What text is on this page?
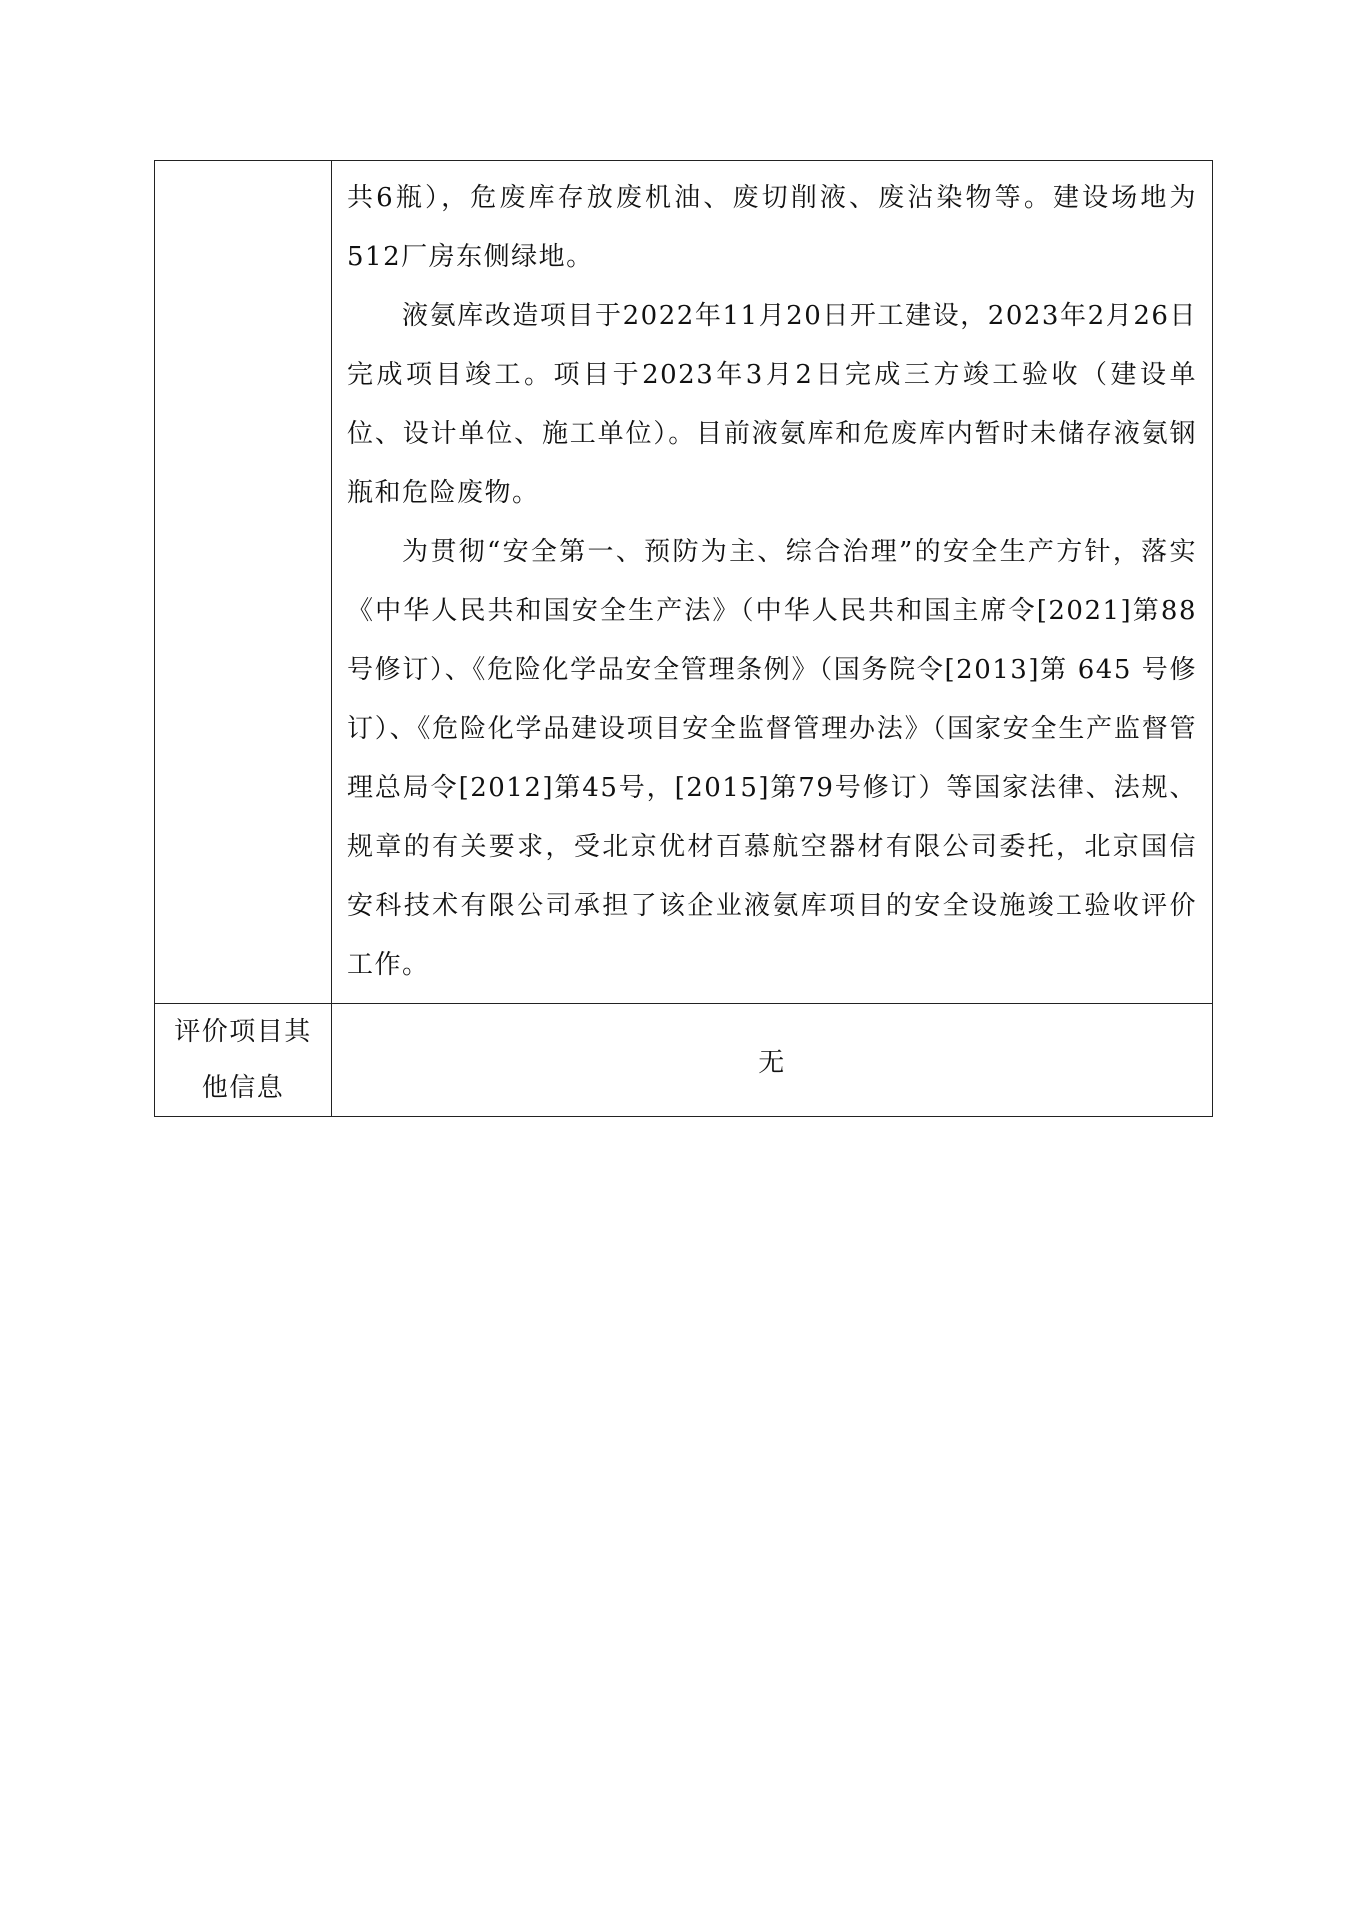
	共6瓶），危废库存放废机油、废切削液、废沾染物等。建设场地为512厂房东侧绿地。

液氨库改造项目于2022年11月20日开工建设，2023年2月26日完成项目竣工。项目于2023年3月2日完成三方竣工验收（建设单位、设计单位、施工单位）。目前液氨库和危废库内暂时未储存液氨钢瓶和危险废物。

为贯彻“安全第一、预防为主、综合治理”的安全生产方针，落实《中华人民共和国安全生产法》（中华人民共和国主席令[2021]第88号修订）、《危险化学品安全管理条例》（国务院令[2013]第 645 号修订）、《危险化学品建设项目安全监督管理办法》（国家安全生产监督管理总局令[2012]第45号，[2015]第79号修订）等国家法律、法规、规章的有关要求，受北京优材百慕航空器材有限公司委托，北京国信安科技术有限公司承担了该企业液氨库项目的安全设施竣工验收评价工作。

评价项目其他信息	无
